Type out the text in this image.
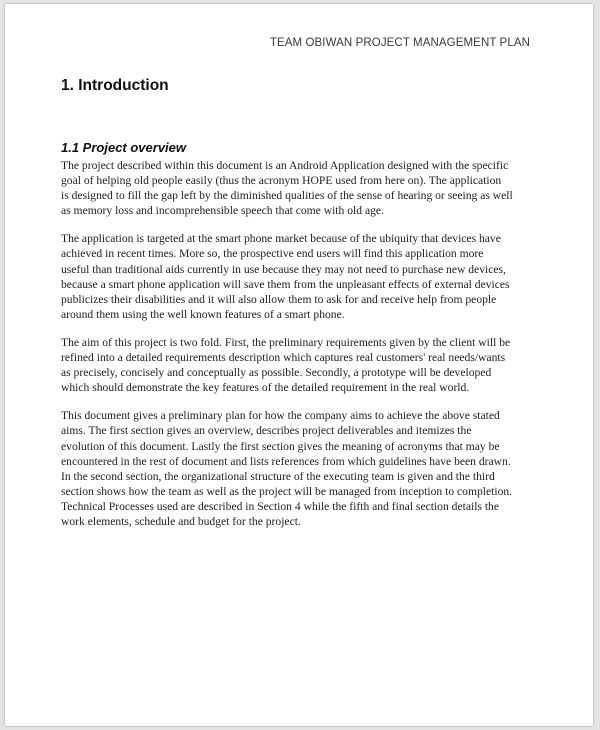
TEAM OBIWAN PROJECT MANAGEMENT PLAN
1. Introduction
1.1 Project overview

The project described within this document is an Android Application designed with the specific
goal of helping old people easily (thus the acronym HOPE used from here on). The application
is designed to fill the gap left by the diminished qualities of the sense of hearing or seeing as well
as memory loss and incomprehensible speech that come with old age.

The application is targeted at the smart phone market because of the ubiquity that devices have
achieved in recent times. More so, the prospective end users will find this application more
useful than traditional aids currently in use because they may not need to purchase new devices,
because a smart phone application will save them from the unpleasant effects of external devices
publicizes their disabilities and it will also allow them to ask for and receive help from people
around them using the well known features of a smart phone.

The aim of this project is two fold. First, the preliminary requirements given by the client will be
refined into a detailed requirements description which captures real customers' real needs/wants
as precisely, concisely and conceptually as possible. Secondly, a prototype will be developed
which should demonstrate the key features of the detailed requirement in the real world.

This document gives a preliminary plan for how the company aims to achieve the above stated
aims. The first section gives an overview, describes project deliverables and itemizes the
evolution of this document. Lastly the first section gives the meaning of acronyms that may be
encountered in the rest of document and lists references from which guidelines have been drawn.
In the second section, the organizational structure of the executing team is given and the third
section shows how the team as well as the project will be managed from inception to completion.
Technical Processes used are described in Section 4 while the fifth and final section details the
work elements, schedule and budget for the project.
